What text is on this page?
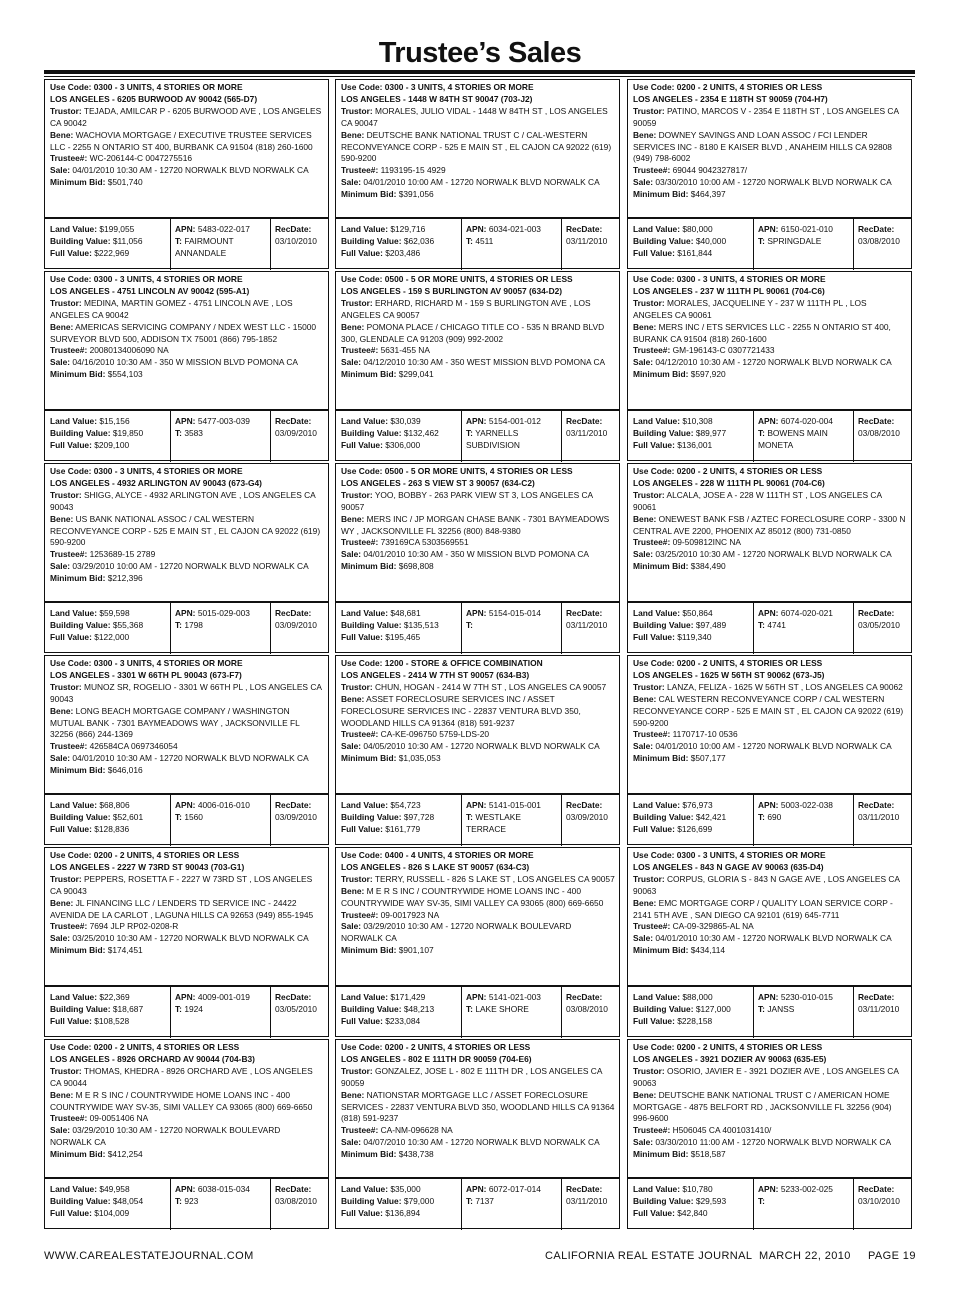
Trustee’s Sales
Use Code: 0300 - 3 UNITS, 4 STORIES OR MORE
LOS ANGELES - 6205 BURWOOD AV 90042 (565-D7)
Trustor: TEJADA, AMILCAR P - 6205 BURWOOD AVE , LOS ANGELES CA 90042
Bene: WACHOVIA MORTGAGE / EXECUTIVE TRUSTEE SERVICES LLC - 2255 N ONTARIO ST 400, BURBANK CA 91504 (818) 260-1600
Trustee#: WC-206144-C 0047275516
Sale: 04/01/2010 10:30 AM - 12720 NORWALK BLVD NORWALK CA
Minimum Bid: $501,740
Land Value: $199,055
Building Value: $11,056
Full Value: $222,969
APN: 5483-022-017
T: FAIRMOUNT ANNANDALE
RecDate:
03/10/2010
Use Code: 0300 - 3 UNITS, 4 STORIES OR MORE
LOS ANGELES - 1448 W 84TH ST 90047 (703-J2)
Trustor: MORALES, JULIO VIDAL - 1448 W 84TH ST , LOS ANGELES CA 90047
Bene: DEUTSCHE BANK NATIONAL TRUST C / CAL-WESTERN RECONVEYANCE CORP - 525 E MAIN ST , EL CAJON CA 92022 (619) 590-9200
Trustee#: 1193195-15 4929
Sale: 04/01/2010 10:00 AM - 12720 NORWALK BLVD NORWALK CA
Minimum Bid: $391,056
Land Value: $129,716
Building Value: $62,036
Full Value: $203,486
APN: 6034-021-003
T: 4511
RecDate:
03/11/2010
Use Code: 0200 - 2 UNITS, 4 STORIES OR LESS
LOS ANGELES - 2354 E 118TH ST 90059 (704-H7)
Trustor: PATINO, MARCOS V - 2354 E 118TH ST , LOS ANGELES CA 90059
Bene: DOWNEY SAVINGS AND LOAN ASSOC / FCI LENDER SERVICES INC - 8180 E KAISER BLVD , ANAHEIM HILLS CA 92808 (949) 798-6002
Trustee#: 69044 9042327817/
Sale: 03/30/2010 10:00 AM - 12720 NORWALK BLVD NORWALK CA
Minimum Bid: $464,397
Land Value: $80,000
Building Value: $40,000
Full Value: $161,844
APN: 6150-021-010
T: SPRINGDALE
RecDate:
03/08/2010
Use Code: 0300 - 3 UNITS, 4 STORIES OR MORE
LOS ANGELES - 4751 LINCOLN AV 90042 (595-A1)
Trustor: MEDINA, MARTIN GOMEZ - 4751 LINCOLN AVE , LOS ANGELES CA 90042
Bene: AMERICAS SERVICING COMPANY / NDEX WEST LLC - 15000 SURVEYOR BLVD 500, ADDISON TX 75001 (866) 795-1852
Trustee#: 20080134006090 NA
Sale: 04/16/2010 10:30 AM - 350 W MISSION BLVD POMONA CA
Minimum Bid: $554,103
Land Value: $15,156
Building Value: $19,850
Full Value: $209,100
APN: 5477-003-039
T: 3583
RecDate:
03/09/2010
Use Code: 0500 - 5 OR MORE UNITS, 4 STORIES OR LESS
LOS ANGELES - 159 S BURLINGTON AV 90057 (634-D2)
Trustor: ERHARD, RICHARD M - 159 S BURLINGTON AVE , LOS ANGELES CA 90057
Bene: POMONA PLACE / CHICAGO TITLE CO - 535 N BRAND BLVD 300, GLENDALE CA 91203 (909) 992-2002
Trustee#: 5631-455 NA
Sale: 04/12/2010 10:30 AM - 350 WEST MISSION BLVD POMONA CA
Minimum Bid: $299,041
Land Value: $30,039
Building Value: $132,462
Full Value: $306,000
APN: 5154-001-012
T: YARNELLS SUBDIVISION
RecDate:
03/11/2010
Use Code: 0300 - 3 UNITS, 4 STORIES OR MORE
LOS ANGELES - 237 W 111TH PL 90061 (704-C6)
Trustor: MORALES, JACQUELINE Y - 237 W 111TH PL , LOS ANGELES CA 90061
Bene: MERS INC / ETS SERVICES LLC - 2255 N ONTARIO ST 400, BURANK CA 91504 (818) 260-1600
Trustee#: GM-196143-C 0307721433
Sale: 04/12/2010 10:30 AM - 12720 NORWALK BLVD NORWALK CA
Minimum Bid: $597,920
Land Value: $10,308
Building Value: $89,977
Full Value: $136,001
APN: 6074-020-004
T: BOWENS MAIN MONETA
RecDate:
03/08/2010
Use Code: 0300 - 3 UNITS, 4 STORIES OR MORE
LOS ANGELES - 4932 ARLINGTON AV 90043 (673-G4)
Trustor: SHIGG, ALYCE - 4932 ARLINGTON AVE , LOS ANGELES CA 90043
Bene: US BANK NATIONAL ASSOC / CAL WESTERN RECONVEYANCE CORP - 525 E MAIN ST , EL CAJON CA 92022 (619) 590-9200
Trustee#: 1253689-15 2789
Sale: 03/29/2010 10:00 AM - 12720 NORWALK BLVD NORWALK CA
Minimum Bid: $212,396
Land Value: $59,598
Building Value: $55,368
Full Value: $122,000
APN: 5015-029-003
T: 1798
RecDate:
03/09/2010
Use Code: 0500 - 5 OR MORE UNITS, 4 STORIES OR LESS
LOS ANGELES - 263 S VIEW ST 3 90057 (634-C2)
Trustor: YOO, BOBBY - 263 PARK VIEW ST 3, LOS ANGELES CA 90057
Bene: MERS INC / JP MORGAN CHASE BANK - 7301 BAYMEADOWS WY , JACKSONVILLE FL 32256 (800) 848-9380
Trustee#: 739169CA 5303569551
Sale: 04/01/2010 10:30 AM - 350 W MISSION BLVD POMONA CA
Minimum Bid: $698,808
Land Value: $48,681
Building Value: $135,513
Full Value: $195,465
APN: 5154-015-014
T:
RecDate:
03/11/2010
Use Code: 0200 - 2 UNITS, 4 STORIES OR LESS
LOS ANGELES - 228 W 111TH PL 90061 (704-C6)
Trustor: ALCALA, JOSE A - 228 W 111TH ST , LOS ANGELES CA 90061
Bene: ONEWEST BANK FSB / AZTEC FORECLOSURE CORP - 3300 N CENTRAL AVE 2200, PHOENIX AZ 85012 (800) 731-0850
Trustee#: 09-509812INC NA
Sale: 03/25/2010 10:30 AM - 12720 NORWALK BLVD NORWALK CA
Minimum Bid: $384,490
Land Value: $50,864
Building Value: $97,489
Full Value: $119,340
APN: 6074-020-021
T: 4741
RecDate:
03/05/2010
Use Code: 0300 - 3 UNITS, 4 STORIES OR MORE
LOS ANGELES - 3301 W 66TH PL 90043 (673-F7)
Trustor: MUNOZ SR, ROGELIO - 3301 W 66TH PL , LOS ANGELES CA 90043
Bene: LONG BEACH MORTGAGE COMPANY / WASHINGTON MUTUAL BANK - 7301 BAYMEADOWS WAY , JACKSONVILLE FL 32256 (866) 244-1369
Trustee#: 426584CA 0697346054
Sale: 04/01/2010 10:30 AM - 12720 NORWALK BLVD NORWALK CA
Minimum Bid: $646,016
Land Value: $68,806
Building Value: $52,601
Full Value: $128,836
APN: 4006-016-010
T: 1560
RecDate:
03/09/2010
Use Code: 1200 - STORE & OFFICE COMBINATION
LOS ANGELES - 2414 W 7TH ST 90057 (634-B3)
Trustor: CHUN, HOGAN - 2414 W 7TH ST , LOS ANGELES CA 90057
Bene: ASSET FORECLOSURE SERVICES INC / ASSET FORECLOSURE SERVICES INC - 22837 VENTURA BLVD 350, WOODLAND HILLS CA 91364 (818) 591-9237
Trustee#: CA-KE-096750 5759-LDS-20
Sale: 04/05/2010 10:30 AM - 12720 NORWALK BLVD NORWALK CA
Minimum Bid: $1,035,053
Land Value: $54,723
Building Value: $97,728
Full Value: $161,779
APN: 5141-015-001
T: WESTLAKE TERRACE
RecDate:
03/09/2010
Use Code: 0200 - 2 UNITS, 4 STORIES OR LESS
LOS ANGELES - 1625 W 56TH ST 90062 (673-J5)
Trustor: LANZA, FELIZA - 1625 W 56TH ST , LOS ANGELES CA 90062
Bene: CAL WESTERN RECONVEYANCE CORP / CAL WESTERN RECONVEYANCE CORP - 525 E MAIN ST , EL CAJON CA 92022 (619) 590-9200
Trustee#: 1170717-10 0536
Sale: 04/01/2010 10:00 AM - 12720 NORWALK BLVD NORWALK CA
Minimum Bid: $507,177
Land Value: $76,973
Building Value: $42,421
Full Value: $126,699
APN: 5003-022-038
T: 690
RecDate:
03/11/2010
Use Code: 0200 - 2 UNITS, 4 STORIES OR LESS
LOS ANGELES - 2227 W 73RD ST 90043 (703-G1)
Trustor: PEPPERS, ROSETTA F - 2227 W 73RD ST , LOS ANGELES CA 90043
Bene: JL FINANCING LLC / LENDERS TD SERVICE INC - 24422 AVENIDA DE LA CARLOT , LAGUNA HILLS CA 92653 (949) 855-1945
Trustee#: 7694 JLP RP02-0208-R
Sale: 03/25/2010 10:30 AM - 12720 NORWALK BLVD NORWALK CA
Minimum Bid: $174,451
Land Value: $22,369
Building Value: $18,687
Full Value: $108,528
APN: 4009-001-019
T: 1924
RecDate:
03/05/2010
Use Code: 0400 - 4 UNITS, 4 STORIES OR MORE
LOS ANGELES - 826 S LAKE ST 90057 (634-C3)
Trustor: TERRY, RUSSELL - 826 S LAKE ST , LOS ANGELES CA 90057
Bene: M E R S INC / COUNTRYWIDE HOME LOANS INC - 400 COUNTRYWIDE WAY SV-35, SIMI VALLEY CA 93065 (800) 669-6650
Trustee#: 09-0017923 NA
Sale: 03/29/2010 10:30 AM - 12720 NORWALK BOULEVARD NORWALK CA
Minimum Bid: $901,107
Land Value: $171,429
Building Value: $48,213
Full Value: $233,084
APN: 5141-021-003
T: LAKE SHORE
RecDate:
03/08/2010
Use Code: 0300 - 3 UNITS, 4 STORIES OR MORE
LOS ANGELES - 843 N GAGE AV 90063 (635-D4)
Trustor: CORPUS, GLORIA S - 843 N GAGE AVE , LOS ANGELES CA 90063
Bene: EMC MORTGAGE CORP / QUALITY LOAN SERVICE CORP - 2141 5TH AVE , SAN DIEGO CA 92101 (619) 645-7711
Trustee#: CA-09-329865-AL NA
Sale: 04/01/2010 10:30 AM - 12720 NORWALK BLVD NORWALK CA
Minimum Bid: $434,114
Land Value: $88,000
Building Value: $127,000
Full Value: $228,158
APN: 5230-010-015
T: JANSS
RecDate:
03/11/2010
Use Code: 0200 - 2 UNITS, 4 STORIES OR LESS
LOS ANGELES - 8926 ORCHARD AV 90044 (704-B3)
Trustor: THOMAS, KHEDRA - 8926 ORCHARD AVE , LOS ANGELES CA 90044
Bene: M E R S INC / COUNTRYWIDE HOME LOANS INC - 400 COUNTRYWIDE WAY SV-35, SIMI VALLEY CA 93065 (800) 669-6650
Trustee#: 09-0051406 NA
Sale: 03/29/2010 10:30 AM - 12720 NORWALK BOULEVARD NORWALK CA
Minimum Bid: $412,254
Land Value: $49,958
Building Value: $48,054
Full Value: $104,009
APN: 6038-015-034
T: 923
RecDate:
03/08/2010
Use Code: 0200 - 2 UNITS, 4 STORIES OR LESS
LOS ANGELES - 802 E 111TH DR 90059 (704-E6)
Trustor: GONZALEZ, JOSE L - 802 E 111TH DR , LOS ANGELES CA 90059
Bene: NATIONSTAR MORTGAGE LLC / ASSET FORECLOSURE SERVICES - 22837 VENTURA BLVD 350, WOODLAND HILLS CA 91364 (818) 591-9237
Trustee#: CA-NM-096628 NA
Sale: 04/07/2010 10:30 AM - 12720 NORWALK BLVD NORWALK CA
Minimum Bid: $438,738
Land Value: $35,000
Building Value: $79,000
Full Value: $136,894
APN: 6072-017-014
T: 7137
RecDate:
03/11/2010
Use Code: 0200 - 2 UNITS, 4 STORIES OR LESS
LOS ANGELES - 3921 DOZIER AV 90063 (635-E5)
Trustor: OSORIO, JAVIER E - 3921 DOZIER AVE , LOS ANGELES CA 90063
Bene: DEUTSCHE BANK NATIONAL TRUST C / AMERICAN HOME MORTGAGE - 4875 BELFORT RD , JACKSONVILLE FL 32256 (904) 996-9600
Trustee#: H506045 CA 4001031410/
Sale: 03/30/2010 11:00 AM - 12720 NORWALK BLVD NORWALK CA
Minimum Bid: $518,587
Land Value: $10,780
Building Value: $29,593
Full Value: $42,840
APN: 5233-002-025
T:
RecDate:
03/10/2010
WWW.CAREALESTATEJOURNAL.COM	CALIFORNIA REAL ESTATE JOURNAL MARCH 22, 2010 PAGE 19
